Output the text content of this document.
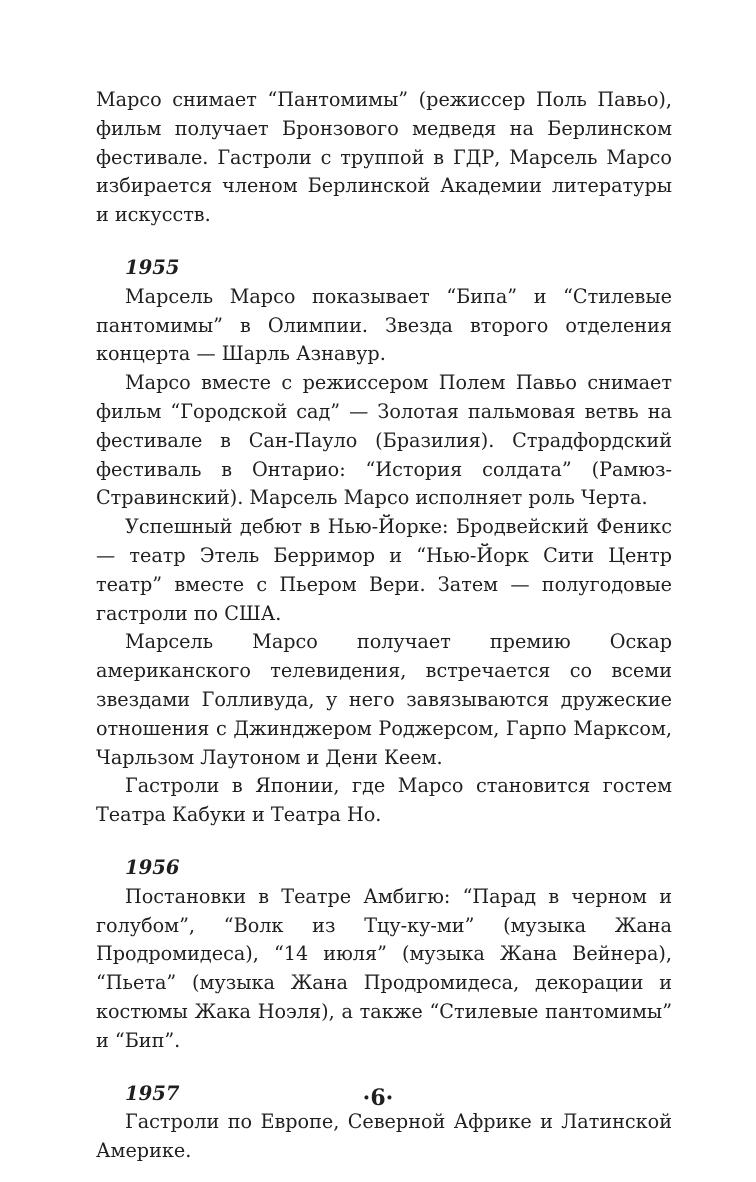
Марсо снимает “Пантомимы” (режиссер Поль Павьо), фильм получает Бронзового медведя на Берлинском фестивале. Гастроли с труппой в ГДР, Марсель Марсо избирается членом Берлинской Академии литературы и искусств.

1955

Марсель Марсо показывает “Бипа” и “Стилевые пантомимы” в Олимпии. Звезда второго отделения концерта — Шарль Азнавур.

Марсо вместе с режиссером Полем Павьо снимает фильм “Городской сад” — Золотая пальмовая ветвь на фестивале в Сан-Пауло (Бразилия). Страдфордский фестиваль в Онтарио: “История солдата” (Рамюз-Стравинский). Марсель Марсо исполняет роль Черта.

Успешный дебют в Нью-Йорке: Бродвейский Феникс — театр Этель Берримор и “Нью-Йорк Сити Центр театр” вместе с Пьером Вери. Затем — полугодовые гастроли по США.

Марсель Марсо получает премию Оскар американского телевидения, встречается со всеми звездами Голливуда, у него завязываются дружеские отношения с Джинджером Роджерсом, Гарпо Марксом, Чарльзом Лаутоном и Дени Кеем.

Гастроли в Японии, где Марсо становится гостем Театра Кабуки и Театра Но.

1956

Постановки в Театре Амбигю: “Парад в черном и голубом”, “Волк из Тцу-ку-ми” (музыка Жана Продромидеса), “14 июля” (музыка Жана Вейнера), “Пьета” (музыка Жана Продромидеса, декорации и костюмы Жака Ноэля), а также “Стилевые пантомимы” и “Бип”.

1957

Гастроли по Европе, Северной Африке и Латинской Америке.

·6·
